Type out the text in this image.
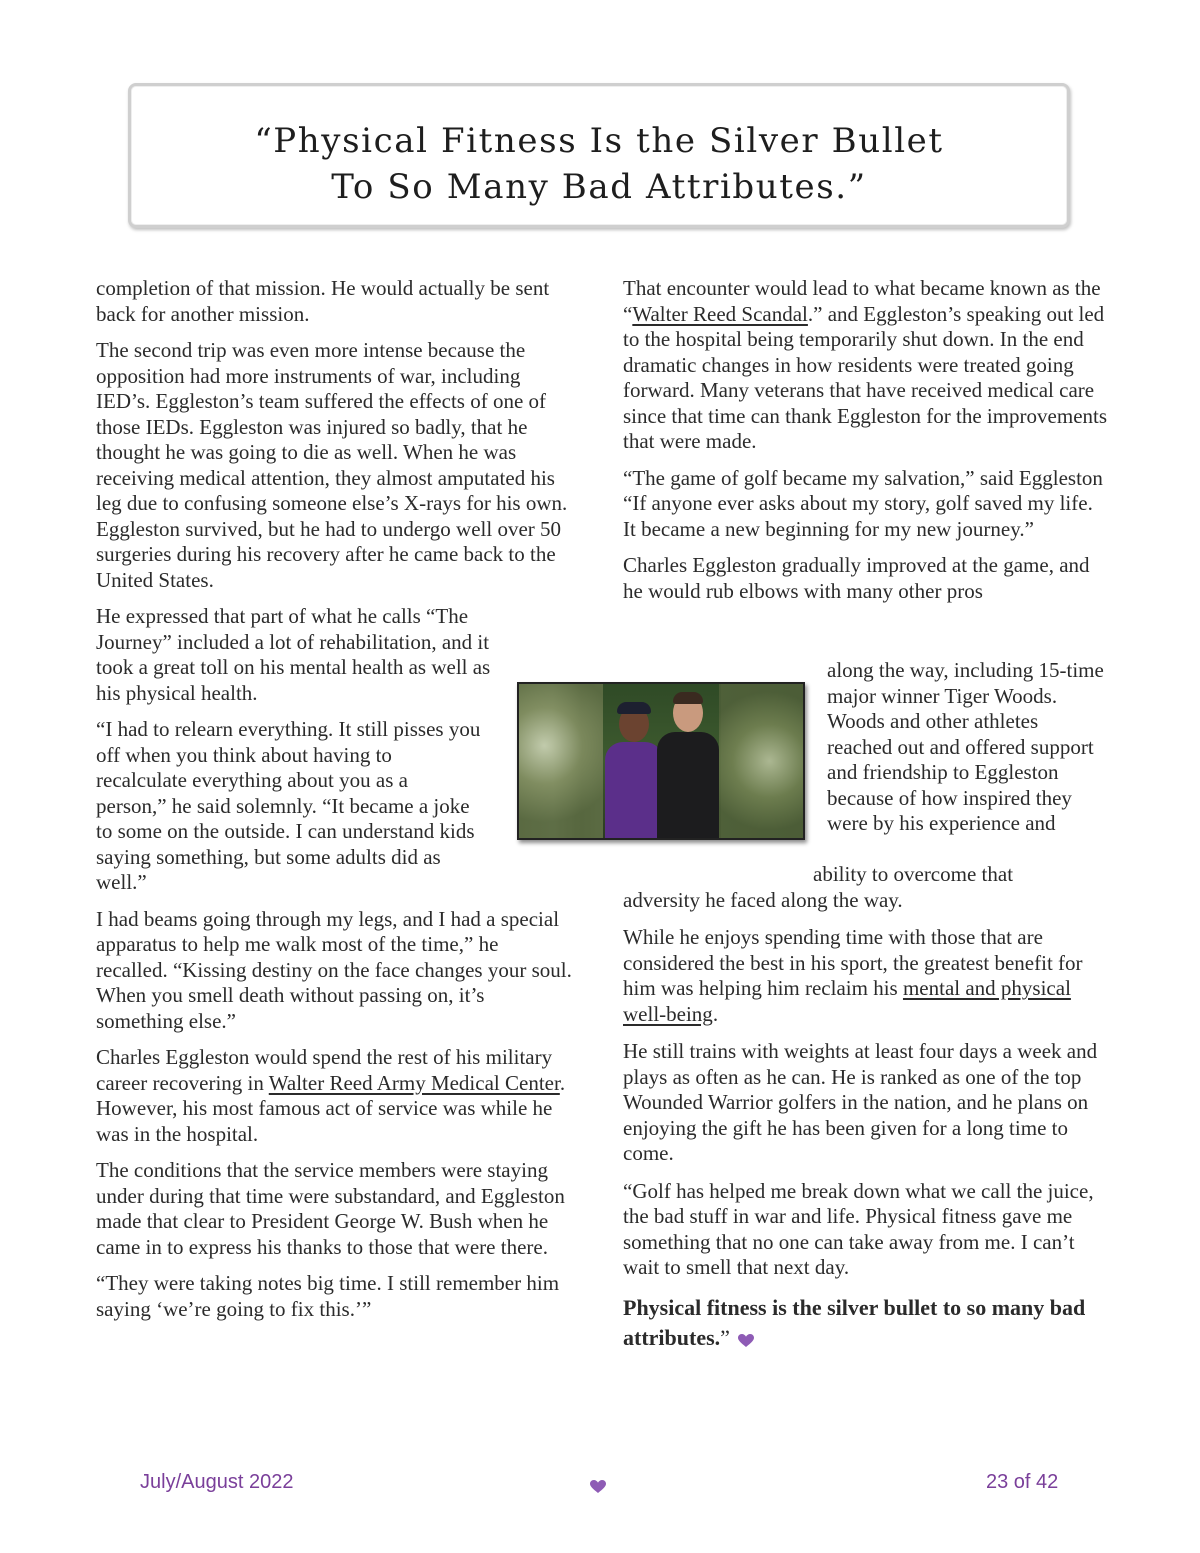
“Physical Fitness Is the Silver Bullet
To So Many Bad Attributes.”

completion of that mission. He would actually be sent back for another mission.

The second trip was even more intense because the opposition had more instruments of war, including IED’s. Eggleston’s team suffered the effects of one of those IEDs. Eggleston was injured so badly, that he thought he was going to die as well. When he was receiving medical attention, they almost amputated his leg due to confusing someone else’s X-rays for his own. Eggleston survived, but he had to undergo well over 50 surgeries during his recovery after he came back to the United States.

He expressed that part of what he calls “The Journey” included a lot of rehabilitation, and it took a great toll on his mental health as well as his physical health.

“I had to relearn everything. It still pisses you off when you think about having to recalculate everything about you as a person,” he said solemnly. “It became a joke to some on the outside. I can understand kids saying something, but some adults did as well.”

I had beams going through my legs, and I had a special apparatus to help me walk most of the time,” he recalled. “Kissing destiny on the face changes your soul. When you smell death without passing on, it’s something else.”

Charles Eggleston would spend the rest of his military career recovering in Walter Reed Army Medical Center. However, his most famous act of service was while he was in the hospital.

The conditions that the service members were staying under during that time were substandard, and Eggleston made that clear to President George W. Bush when he came in to express his thanks to those that were there.

“They were taking notes big time. I still remember him saying ‘we’re going to fix this.’”

That encounter would lead to what became known as the “Walter Reed Scandal.” and Eggleston’s speaking out led to the hospital being temporarily shut down. In the end dramatic changes in how residents were treated going forward. Many veterans that have received medical care since that time can thank Eggleston for the improvements that were made.

“The game of golf became my salvation,” said Eggleston “If anyone ever asks about my story, golf saved my life. It became a new beginning for my new journey.”

Charles Eggleston gradually improved at the game, and he would rub elbows with many other pros

along the way, including 15-time major winner Tiger Woods. Woods and other athletes reached out and offered support and friendship to Eggleston because of how inspired they were by his experience and

ability to overcome that
adversity he faced along the way.

While he enjoys spending time with those that are considered the best in his sport, the greatest benefit for him was helping him reclaim his mental and physical well-being.

He still trains with weights at least four days a week and plays as often as he can. He is ranked as one of the top Wounded Warrior golfers in the nation, and he plans on enjoying the gift he has been given for a long time to come.

“Golf has helped me break down what we call the juice, the bad stuff in war and life. Physical fitness gave me something that no one can take away from me. I can’t wait to smell that next day.

Physical fitness is the silver bullet to so many bad attributes.”

July/August 2022	23 of 42
